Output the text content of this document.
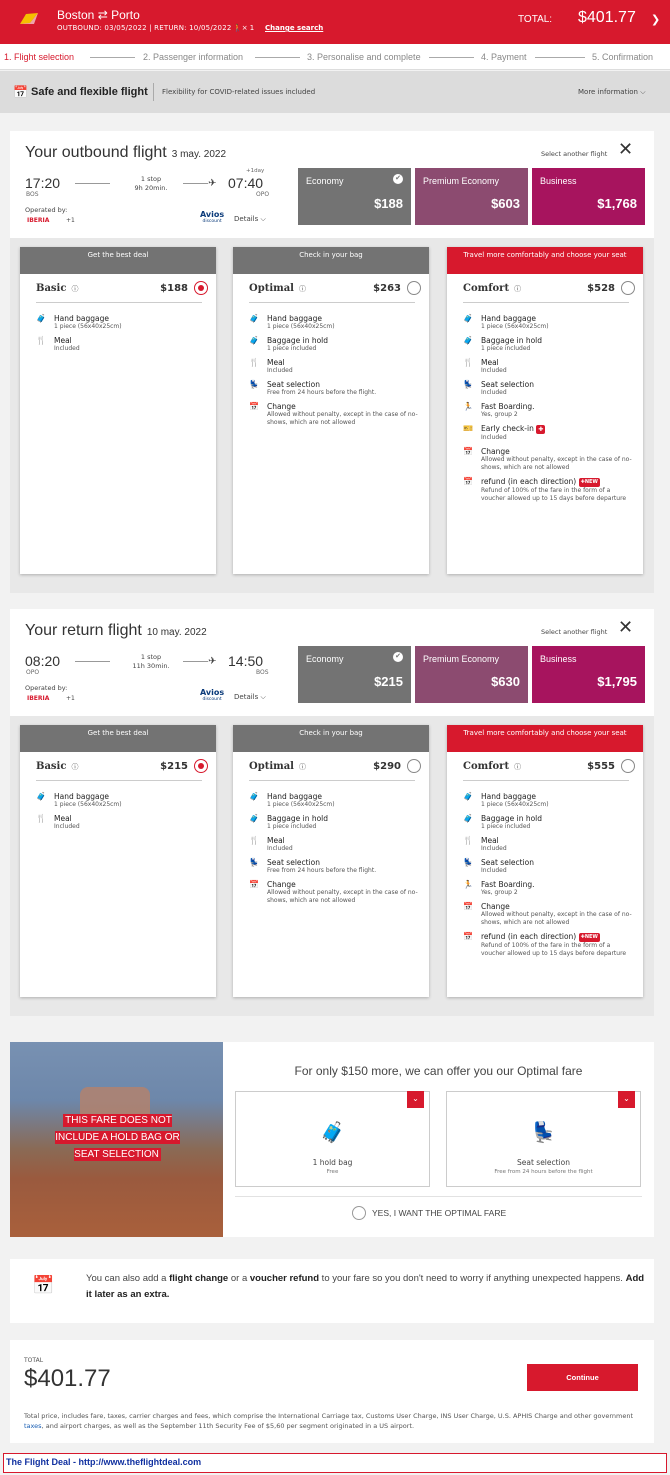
Boston ⇄ Porto
OUTBOUND: 03/05/2022 | RETURN: 10/05/2022 🚶× 1 Change search
TOTAL: $401.77 ❯
1. Flight selection	2. Passenger information	3. Personalise and complete	4. Payment	5. Confirmation
📅 Safe and flexible flight Flexibility for COVID-related issues included	More information ⌵
Your outbound flight 3 may. 2022	Select another flight ✕
17:20
BOS
1 stop
9h 20min.	✈
+1day
07:40
OPO
Operated by:
IBERIA	+1
Avios
discount	Details ⌵
Economy	✔
$188
Premium Economy
$603
Business
$1,768
Get the best deal
Basic ⓘ	$188
🧳 Hand baggage
1 piece (56x40x25cm)
🍴 Meal
Included
Check in your bag
Optimal ⓘ	$263
🧳 Hand baggage
1 piece (56x40x25cm)
🧳 Baggage in hold
1 piece included
🍴 Meal
Included
💺 Seat selection
Free from 24 hours before the flight.
📅 Change
Allowed without penalty, except in the case of no-shows, which are not allowed
Travel more comfortably and choose your seat
Comfort ⓘ	$528
🧳 Hand baggage
1 piece (56x40x25cm)
🧳 Baggage in hold
1 piece included
🍴 Meal
Included
💺 Seat selection
Included
🏃 Fast Boarding.
Yes, group 2
🎫 Early check-in ✚
Included
📅 Change
Allowed without penalty, except in the case of no-shows, which are not allowed
📅 refund (in each direction) ✚NEW
Refund of 100% of the fare in the form of a voucher allowed up to 15 days before departure
Your return flight 10 may. 2022	Select another flight ✕
08:20
OPO
1 stop
11h 30min.	✈ 14:50
BOS
Operated by:
IBERIA	+1
Avios
discount	Details ⌵
Economy	✔
$215
Premium Economy
$630
Business
$1,795
Get the best deal
Basic ⓘ	$215
🧳 Hand baggage
1 piece (56x40x25cm)
🍴 Meal
Included
Check in your bag
Optimal ⓘ	$290
🧳 Hand baggage
1 piece (56x40x25cm)
🧳 Baggage in hold
1 piece included
🍴 Meal
Included
💺 Seat selection
Free from 24 hours before the flight.
📅 Change
Allowed without penalty, except in the case of no-shows, which are not allowed
Travel more comfortably and choose your seat
Comfort ⓘ	$555
🧳 Hand baggage
1 piece (56x40x25cm)
🧳 Baggage in hold
1 piece included
🍴 Meal
Included
💺 Seat selection
Included
🏃 Fast Boarding.
Yes, group 2
📅 Change
Allowed without penalty, except in the case of no-shows, which are not allowed
📅 refund (in each direction) ✚NEW
Refund of 100% of the fare in the form of a voucher allowed up to 15 days before departure
THIS FARE DOES NOT INCLUDE A HOLD BAG OR SEAT SELECTION
For only $150 more, we can offer you our Optimal fare
⌄
🧳
1 hold bag
Free
⌄
💺
Seat selection
Free from 24 hours before the flight
YES, I WANT THE OPTIMAL FARE
📅	You can also add a flight change or a voucher refund to your fare so you don't need to worry if anything unexpected happens. Add it later as an extra.
TOTAL
$401.77	Continue
Total price, includes fare, taxes, carrier charges and fees, which comprise the International Carriage tax, Customs User Charge, INS User Charge, U.S. APHIS Charge and other government taxes, and airport charges, as well as the September 11th Security Fee of $5,60 per segment originated in a US airport.
The Flight Deal - http://www.theflightdeal.com
